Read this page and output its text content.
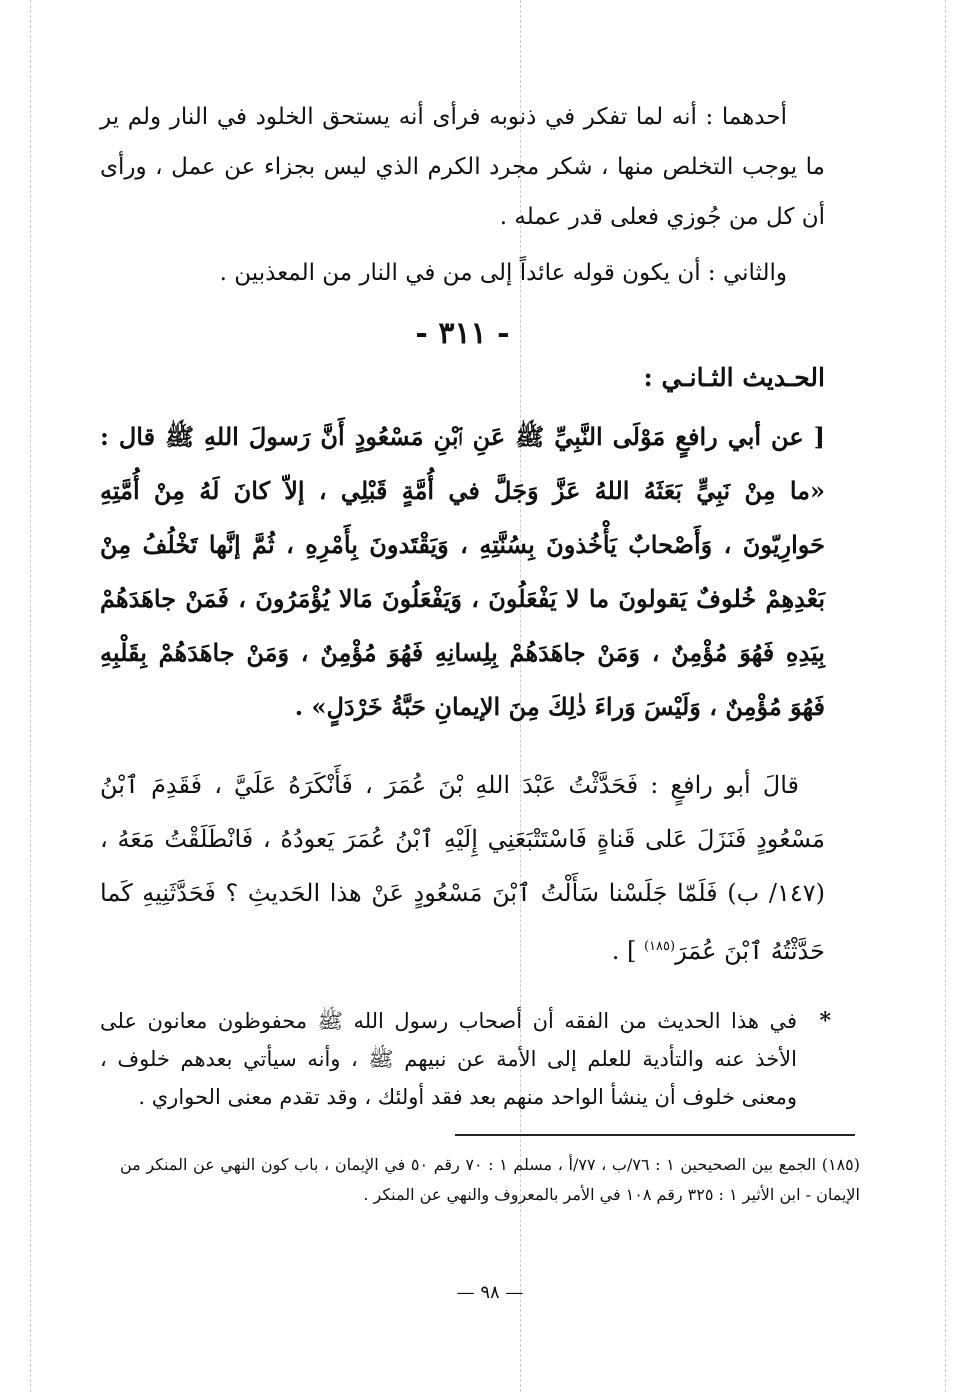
أحدهما : أنه لما تفكر في ذنوبه فرأى أنه يستحق الخلود في النار ولم ير ما يوجب التخلص منها ، شكر مجرد الكرم الذي ليس بجزاء عن عمل ، ورأى أن كل من جُوزي فعلى قدر عمله .

والثاني : أن يكون قوله عائداً إلى من في النار من المعذبين .

- ٣١١ -
الحـديث الثـانـي :

[ عن أبي رافعٍ مَوْلَى النَّبِيِّ ﷺ عَنِ ٱبْنِ مَسْعُودٍ أَنَّ رَسولَ اللهِ ﷺ قال : «ما مِنْ نَبِيٍّ بَعَثَهُ اللهُ عَزَّ وَجَلَّ في أُمَّةٍ قَبْلِي ، إلاّ كانَ لَهُ مِنْ أُمَّتِهِ حَوارِيّونَ ، وَأَصْحابٌ يَأْخُذونَ بِسُنَّتِهِ ، وَيَقْتَدونَ بِأَمْرِهِ ، ثُمَّ إنَّها تَخْلُفُ مِنْ بَعْدِهِمْ خُلوفٌ يَقولونَ ما لا يَفْعَلُونَ ، وَيَفْعَلُونَ مَالا يُؤْمَرُونَ ، فَمَنْ جاهَدَهُمْ بِيَدِهِ فَهُوَ مُؤْمِنٌ ، وَمَنْ جاهَدَهُمْ بِلِسانِهِ فَهُوَ مُؤْمِنٌ ، وَمَنْ جاهَدَهُمْ بِقَلْبِهِ فَهُوَ مُؤْمِنٌ ، وَلَيْسَ وَراءَ ذٰلِكَ مِنَ الإيمانِ حَبَّةُ خَرْدَلٍ» .

قالَ أبو رافعٍ : فَحَدَّثْتُ عَبْدَ اللهِ بْنَ عُمَرَ ، فَأَنْكَرَهُ عَلَيَّ ، فَقَدِمَ ٱبْنُ مَسْعُودٍ فَنَزَلَ عَلى قَناةٍ فَاسْتَتْبَعَنِي إِلَيْهِ ٱبْنُ عُمَرَ يَعودُهُ ، فَانْطَلَقْتُ مَعَهُ ، (١٤٧/ ب) فَلَمّا جَلَسْنا سَأَلْتُ ٱبْنَ مَسْعُودٍ عَنْ هذا الحَديثِ ؟ فَحَدَّثَنِيهِ كَما حَدَّثْتُهُ ٱبْنَ عُمَرَ$^{(١٨٥)}$ ] .

*
في هذا الحديث من الفقه أن أصحاب رسول الله ﷺ محفوظون معانون على الأخذ عنه والتأدية للعلم إلى الأمة عن نبيهم ﷺ ، وأنه سيأتي بعدهم خلوف ، ومعنى خلوف أن ينشأ الواحد منهم بعد فقد أولئك ، وقد تقدم معنى الحواري .

(١٨٥) الجمع بين الصحيحين ١ : ٧٦/ب ، ٧٧/أ ، مسلم ١ : ٧٠ رقم ٥٠ في الإيمان ، باب كون النهي عن المنكر من الإيمان - ابن الأثير ١ : ٣٢٥ رقم ١٠٨ في الأمر بالمعروف والنهي عن المنكر .
— ٩٨ —
